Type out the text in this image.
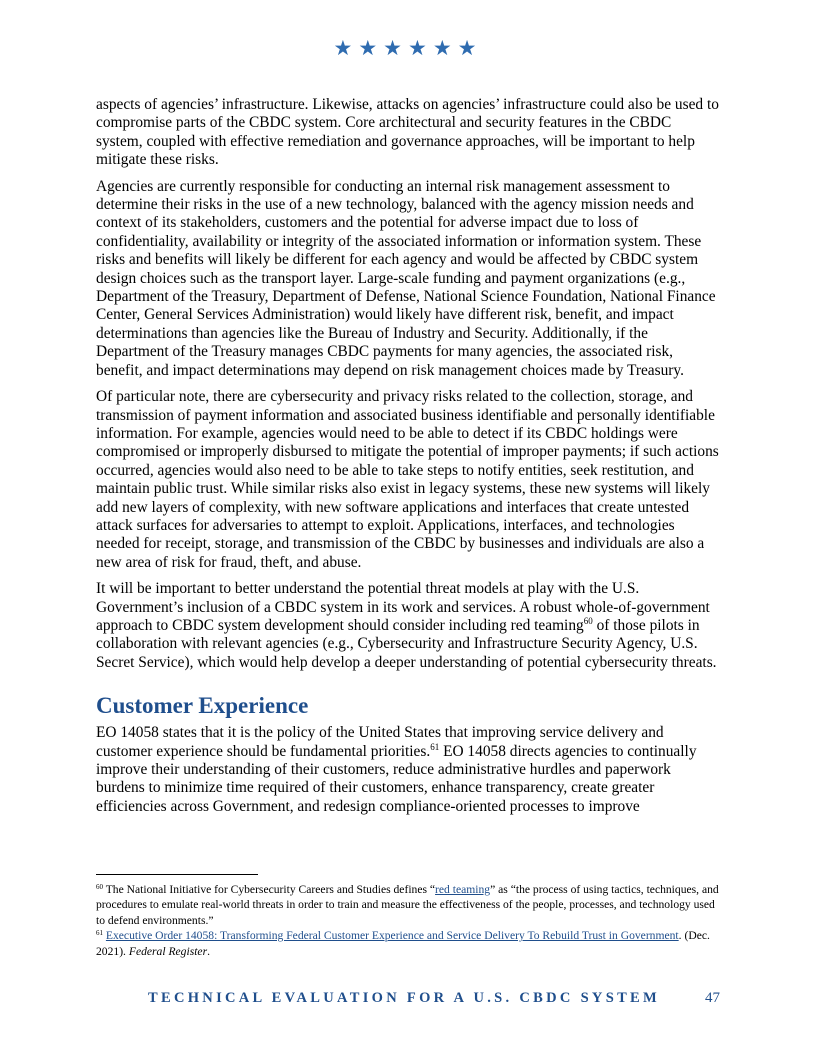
★★★★★★

aspects of agencies’ infrastructure. Likewise, attacks on agencies’ infrastructure could also be used to compromise parts of the CBDC system. Core architectural and security features in the CBDC system, coupled with effective remediation and governance approaches, will be important to help mitigate these risks.

Agencies are currently responsible for conducting an internal risk management assessment to determine their risks in the use of a new technology, balanced with the agency mission needs and context of its stakeholders, customers and the potential for adverse impact due to loss of confidentiality, availability or integrity of the associated information or information system. These risks and benefits will likely be different for each agency and would be affected by CBDC system design choices such as the transport layer. Large-scale funding and payment organizations (e.g., Department of the Treasury, Department of Defense, National Science Foundation, National Finance Center, General Services Administration) would likely have different risk, benefit, and impact determinations than agencies like the Bureau of Industry and Security. Additionally, if the Department of the Treasury manages CBDC payments for many agencies, the associated risk, benefit, and impact determinations may depend on risk management choices made by Treasury.

Of particular note, there are cybersecurity and privacy risks related to the collection, storage, and transmission of payment information and associated business identifiable and personally identifiable information. For example, agencies would need to be able to detect if its CBDC holdings were compromised or improperly disbursed to mitigate the potential of improper payments; if such actions occurred, agencies would also need to be able to take steps to notify entities, seek restitution, and maintain public trust. While similar risks also exist in legacy systems, these new systems will likely add new layers of complexity, with new software applications and interfaces that create untested attack surfaces for adversaries to attempt to exploit. Applications, interfaces, and technologies needed for receipt, storage, and transmission of the CBDC by businesses and individuals are also a new area of risk for fraud, theft, and abuse.

It will be important to better understand the potential threat models at play with the U.S. Government’s inclusion of a CBDC system in its work and services. A robust whole-of-government approach to CBDC system development should consider including red teaming$^{60}$ of those pilots in collaboration with relevant agencies (e.g., Cybersecurity and Infrastructure Security Agency, U.S. Secret Service), which would help develop a deeper understanding of potential cybersecurity threats.

Customer Experience

EO 14058 states that it is the policy of the United States that improving service delivery and customer experience should be fundamental priorities.$^{61}$ EO 14058 directs agencies to continually improve their understanding of their customers, reduce administrative hurdles and paperwork burdens to minimize time required of their customers, enhance transparency, create greater efficiencies across Government, and redesign compliance-oriented processes to improve

$^{60}$ The National Initiative for Cybersecurity Careers and Studies defines “red teaming” as “the process of using tactics, techniques, and procedures to emulate real-world threats in order to train and measure the effectiveness of the people, processes, and technology used to defend environments.”

$^{61}$ Executive Order 14058: Transforming Federal Customer Experience and Service Delivery To Rebuild Trust in Government. (Dec. 2021). Federal Register.

TECHNICAL EVALUATION FOR A U.S. CBDC SYSTEM	47
